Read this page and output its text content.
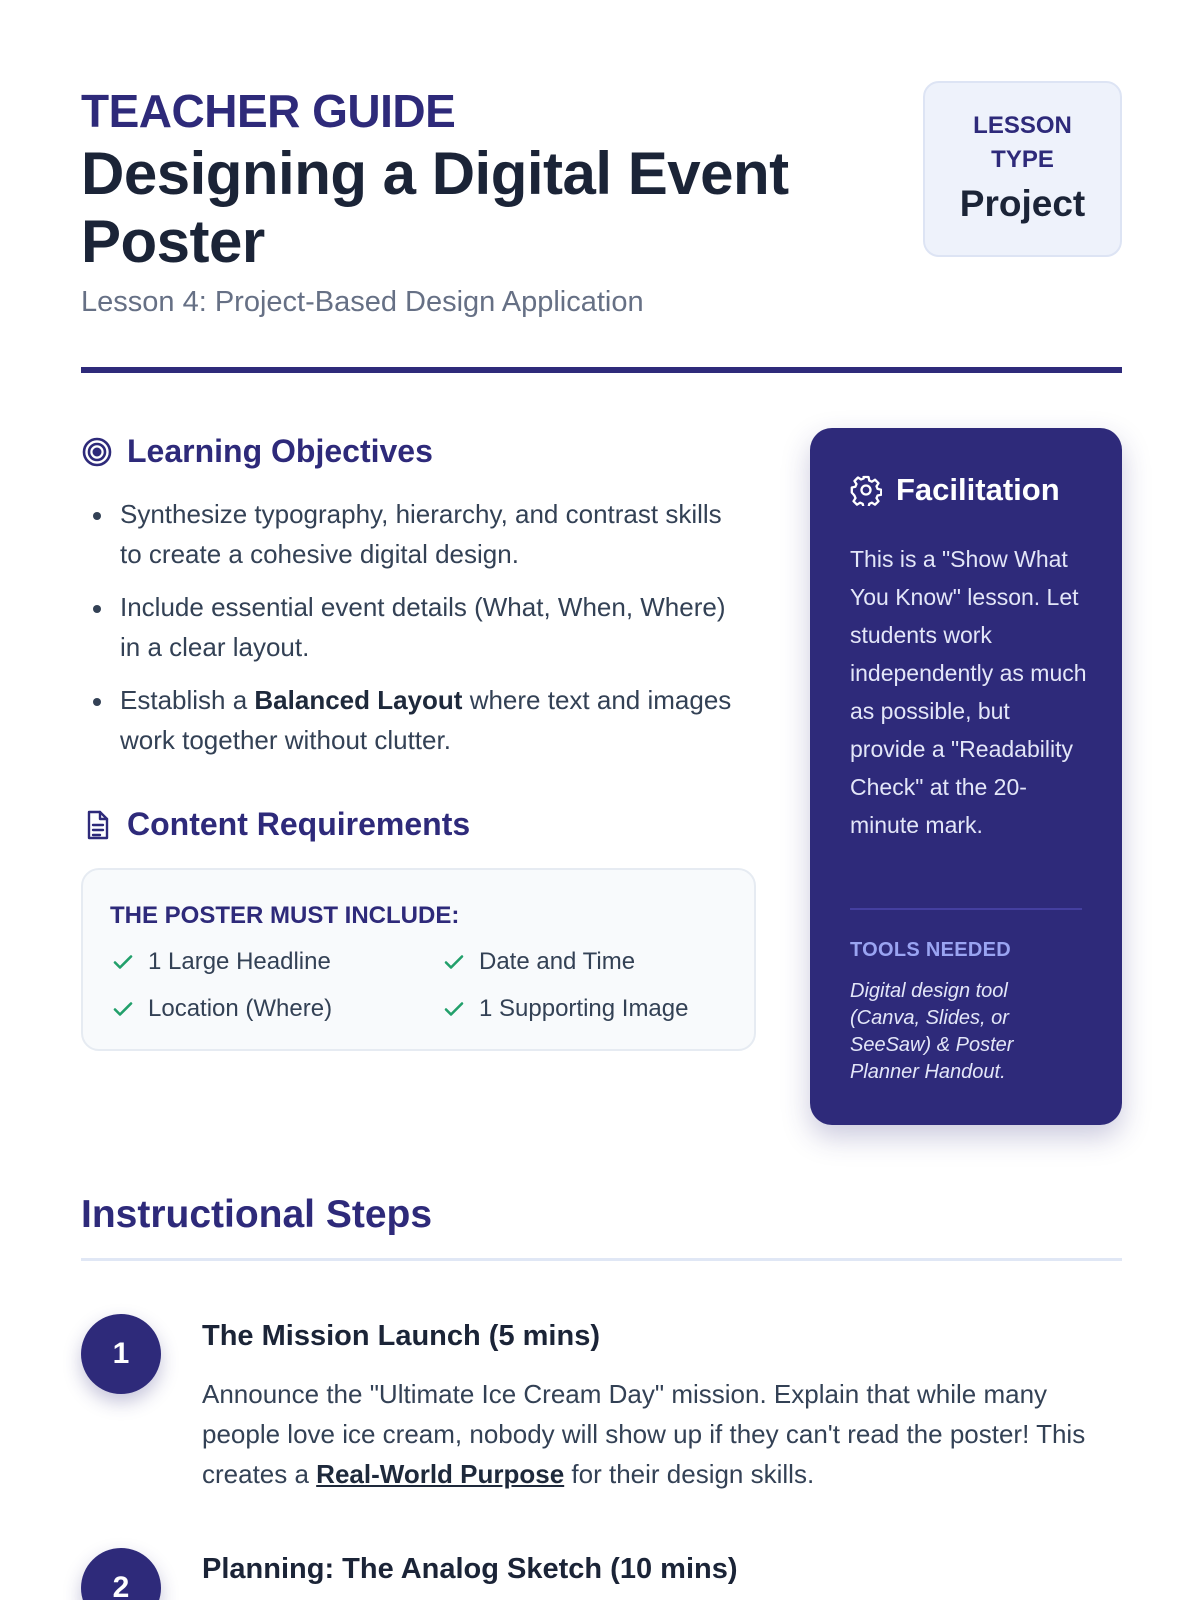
TEACHER GUIDE
Designing a Digital Event Poster
Lesson 4: Project-Based Design Application
LESSON TYPE
Project
Learning Objectives
Synthesize typography, hierarchy, and contrast skills to create a cohesive digital design.
Include essential event details (What, When, Where) in a clear layout.
Establish a Balanced Layout where text and images work together without clutter.
Content Requirements
THE POSTER MUST INCLUDE:
1 Large Headline	Date and Time
Location (Where)	1 Supporting Image
Facilitation
This is a "Show What You Know" lesson. Let students work independently as much as possible, but provide a "Readability Check" at the 20-minute mark.
TOOLS NEEDED
Digital design tool (Canva, Slides, or SeeSaw) & Poster Planner Handout.
Instructional Steps
1
The Mission Launch (5 mins)
Announce the "Ultimate Ice Cream Day" mission. Explain that while many people love ice cream, nobody will show up if they can't read the poster! This creates a Real-World Purpose for their design skills.
2
Planning: The Analog Sketch (10 mins)
